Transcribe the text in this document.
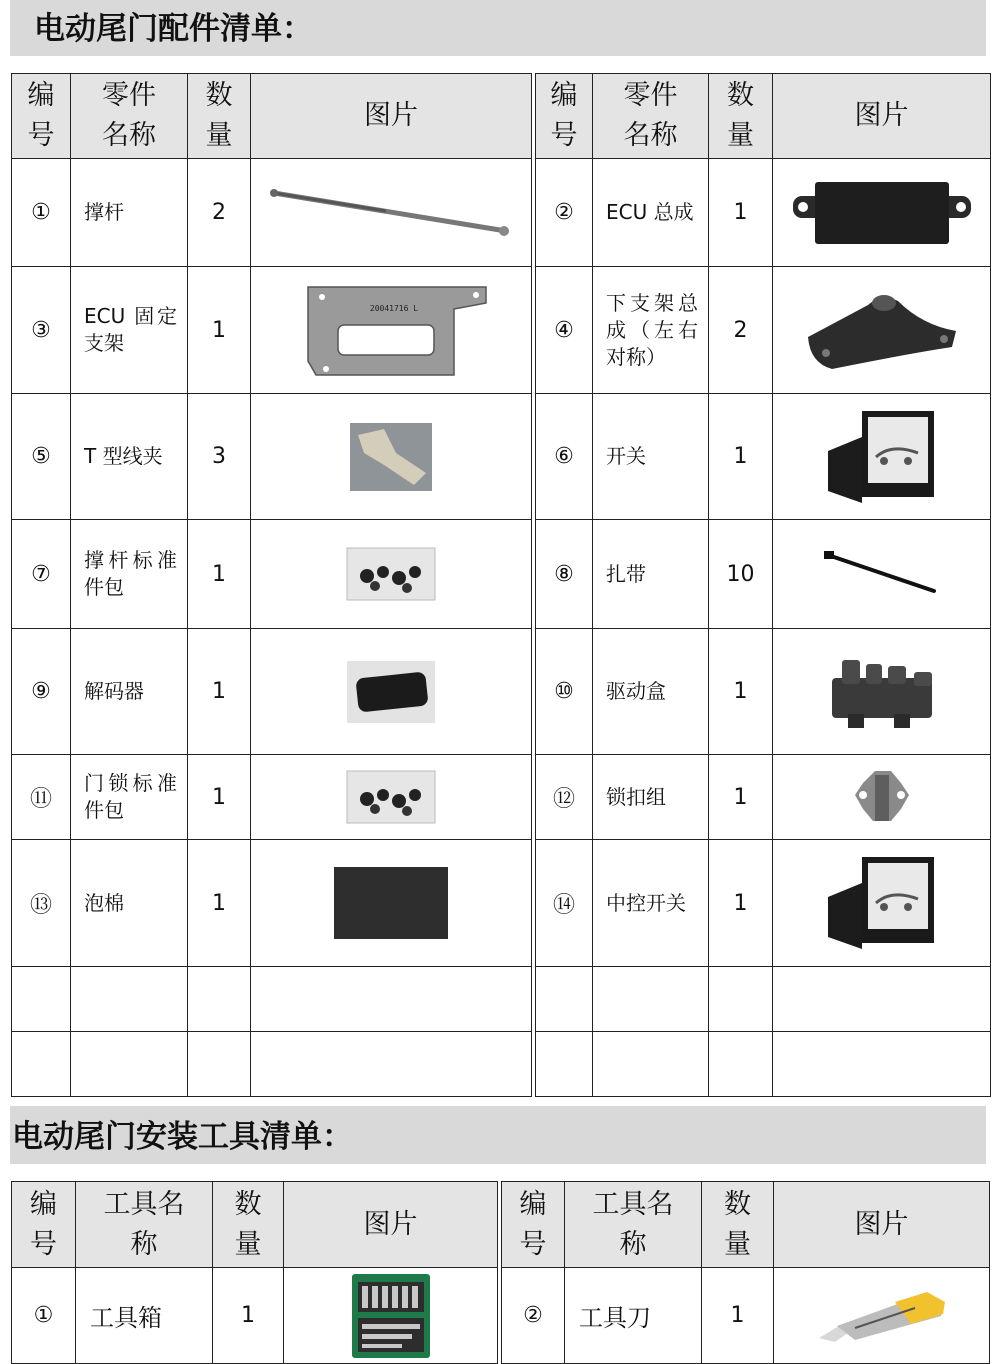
电动尾门配件清单：
编号	零件名称	数量	图片		编号	零件名称	数量	图片
①	撑杆	2			②	ECU 总成	1	

③	ECU 固定支架	1	20041716 L		④	下支架总成（左右对称）	2	

⑤	T 型线夹	3			⑥	开关	1	

⑦	撑杆标准件包	1			⑧	扎带	10	

⑨	解码器	1			⑩	驱动盒	1	

⑪	门锁标准件包	1			⑫	锁扣组	1	

⑬	泡棉	1			⑭	中控开关	1	

电动尾门安装工具清单：
编号	工具名称	数量	图片		编号	工具名称	数量	图片
①	工具箱	1			②	工具刀	1	
